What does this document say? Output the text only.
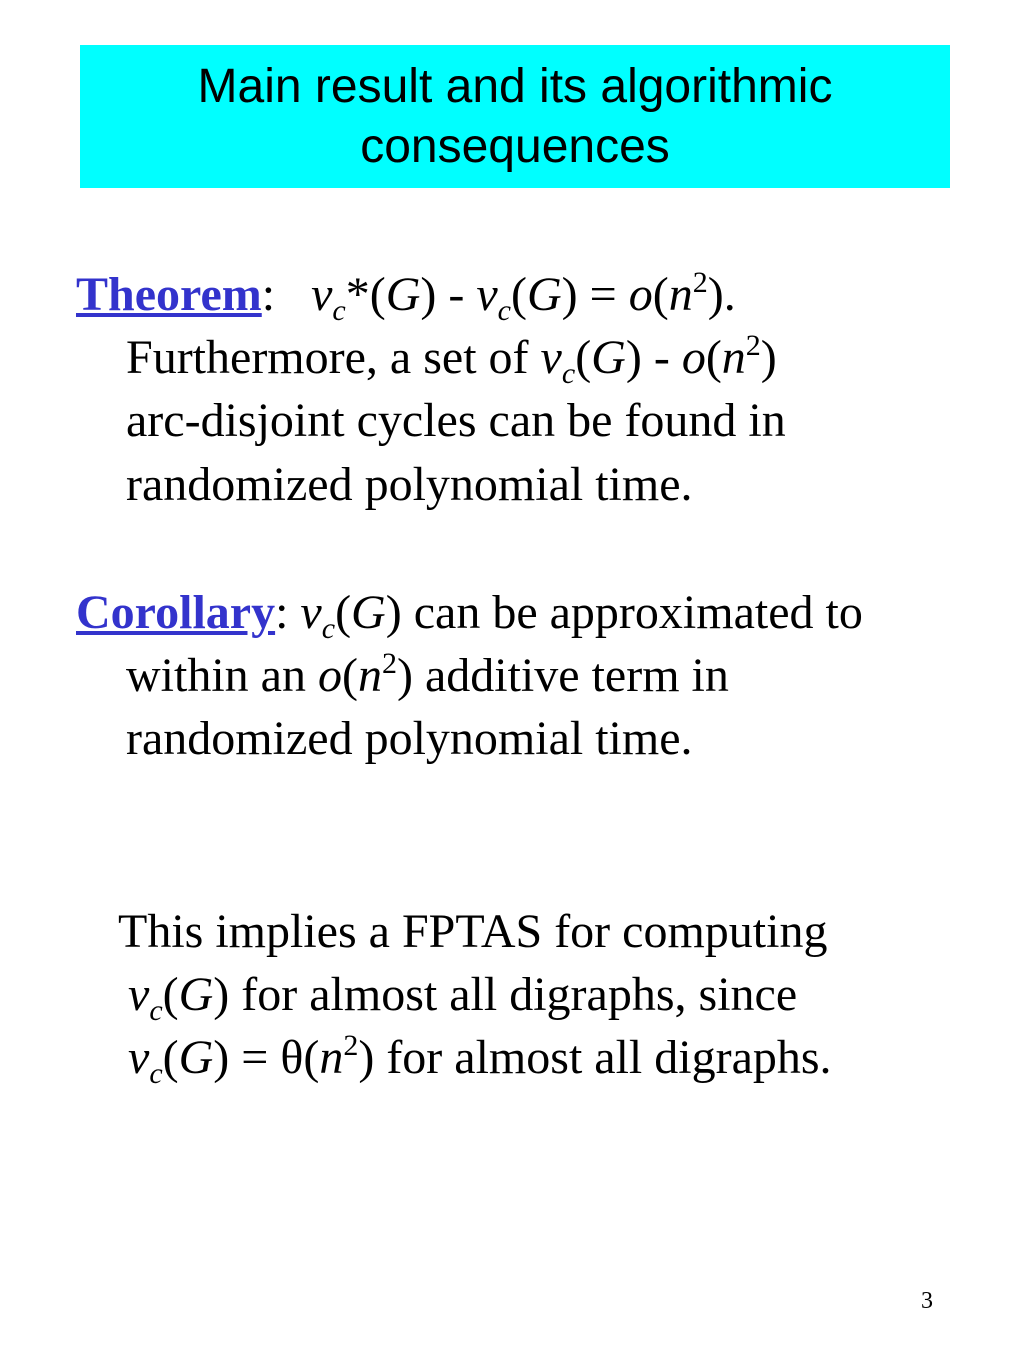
Main result and its algorithmic
consequences
Theorem: $v_c*(G) - v_c(G) = o(n^2)$.
Furthermore, a set of $v_c(G) - o(n^2)$
arc-disjoint cycles can be found in
randomized polynomial time.
Corollary: $v_c(G)$ can be approximated to
within an $o(n^2)$ additive term in
randomized polynomial time.
This implies a FPTAS for computing
$v_c(G)$ for almost all digraphs, since
$v_c(G) = \theta(n^2)$ for almost all digraphs.
3
